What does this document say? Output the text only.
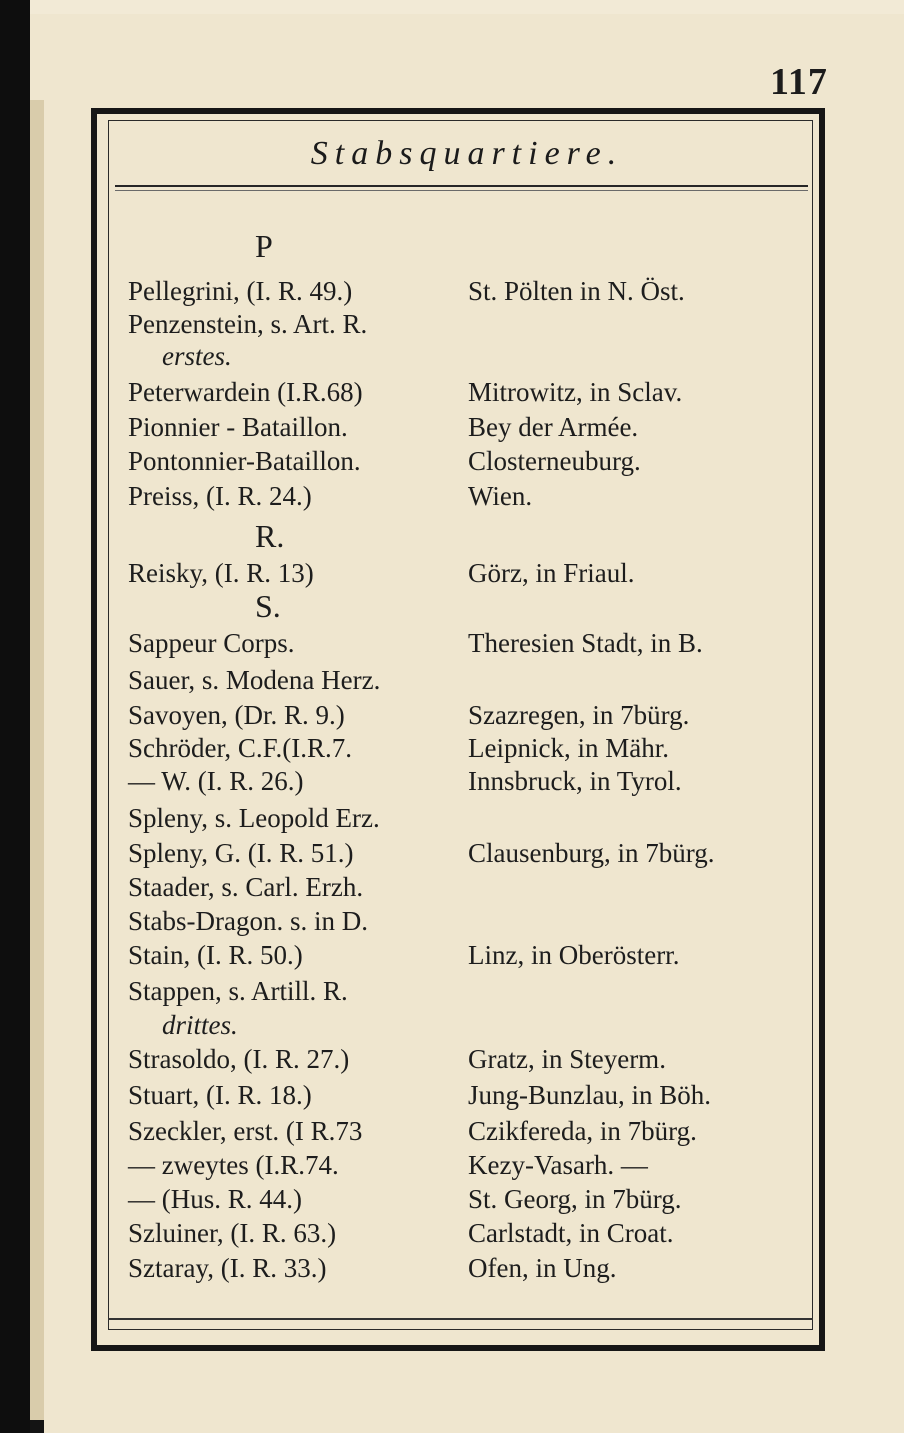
117
Stabsquartiere.
P
Pellegrini, (I. R. 49.)	St. Pölten in N. Öst.
Penzenstein, s. Art. R.
erstes.
Peterwardein (I.R.68)	Mitrowitz, in Sclav.
Pionnier - Bataillon.	Bey der Armée.
Pontonnier-Bataillon.	Closterneuburg.
Preiss, (I. R. 24.)	Wien.
R.
Reisky, (I. R. 13)	Görz, in Friaul.
S.
Sappeur Corps.	Theresien Stadt, in B.
Sauer, s. Modena Herz.
Savoyen, (Dr. R. 9.)	Szazregen, in 7bürg.
Schröder, C.F.(I.R.7.	Leipnick, in Mähr.
— W. (I. R. 26.)	Innsbruck, in Tyrol.
Spleny, s. Leopold Erz.
Spleny, G. (I. R. 51.)	Clausenburg, in 7bürg.
Staader, s. Carl. Erzh.
Stabs-Dragon. s. in D.
Stain, (I. R. 50.)	Linz, in Oberösterr.
Stappen, s. Artill. R.
drittes.
Strasoldo, (I. R. 27.)	Gratz, in Steyerm.
Stuart, (I. R. 18.)	Jung-Bunzlau, in Böh.
Szeckler, erst. (I R.73	Czikfereda, in 7bürg.
— zweytes (I.R.74.	Kezy-Vasarh. —
— (Hus. R. 44.)	St. Georg, in 7bürg.
Szluiner, (I. R. 63.)	Carlstadt, in Croat.
Sztaray, (I. R. 33.)	Ofen, in Ung.
